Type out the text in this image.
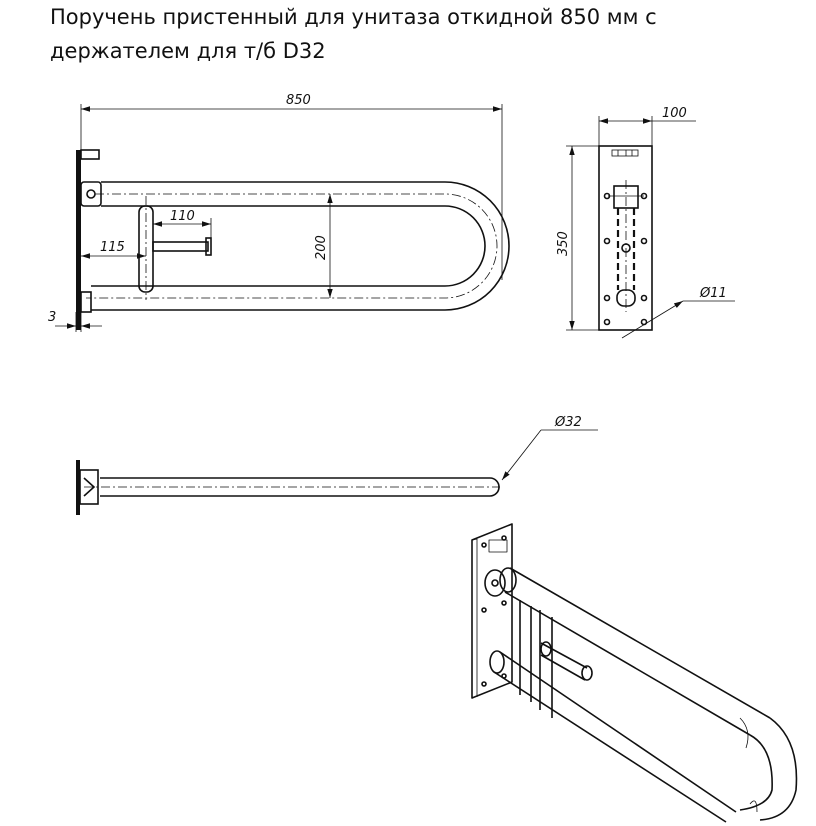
Поручень пристенный для унитаза откидной 850 мм с
держателем для т/б D32
850
110
115	200
3
100
350
Ø11
Ø32
